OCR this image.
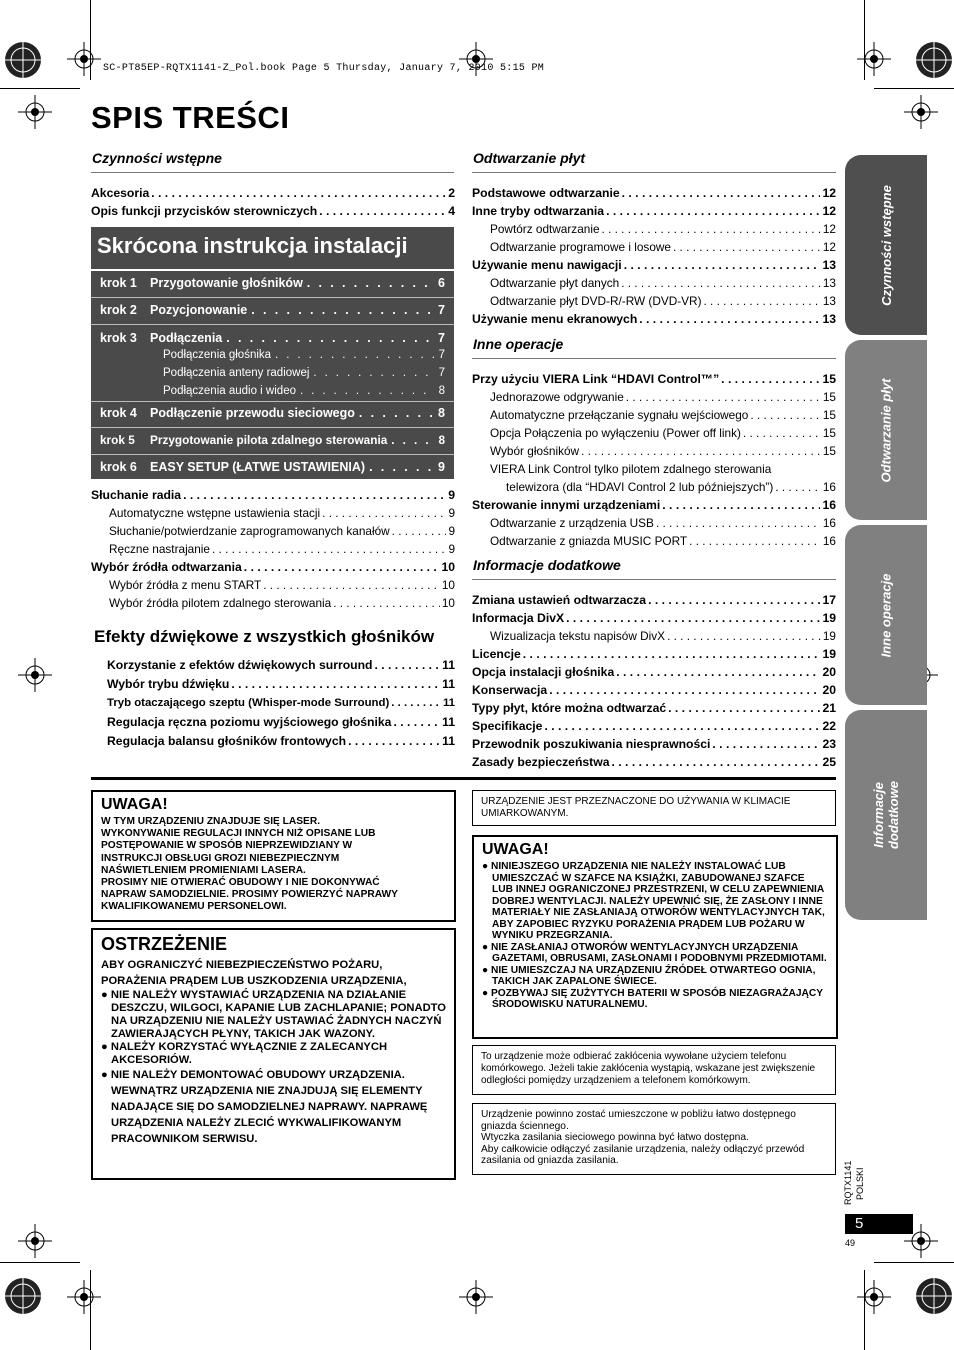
SC-PT85EP-RQTX1141-Z_Pol.book Page 5 Thursday, January 7, 2010 5:15 PM
SPIS TREŚCI
Czynności wstępne
Akcesoria . . .	2
Opis funkcji przycisków sterowniczych . . .	4
Skrócona instrukcja instalacji
krok 1	Przygotowanie głośników . . .	6
krok 2	Pozycjonowanie . . .	7
krok 3	Podłączenia . . .	7
Podłączenia głośnika . . .	7
Podłączenia anteny radiowej . . .	7
Podłączenia audio i wideo . . .	8
krok 4	Podłączenie przewodu sieciowego . . .	8
krok 5	Przygotowanie pilota zdalnego sterowania . . .	8
krok 6	EASY SETUP (ŁATWE USTAWIENIA) . . .	9
Słuchanie radia . . .	9
Automatyczne wstępne ustawienia stacji . . .	9
Słuchanie/potwierdzanie zaprogramowanych kanałów . . .	9
Ręczne nastrajanie . . .	9
Wybór źródła odtwarzania . . .	10
Wybór źródła z menu START . . .	10
Wybór źródła pilotem zdalnego sterowania . . .	10
Efekty dźwiękowe z wszystkich głośników
Korzystanie z efektów dźwiękowych surround . . .	11
Wybór trybu dźwięku . . .	11
Tryb otaczającego szeptu (Whisper-mode Surround) . . .	11
Regulacja ręczna poziomu wyjściowego głośnika . . .	11
Regulacja balansu głośników frontowych . . .	11
Odtwarzanie płyt
Podstawowe odtwarzanie . . .	12
Inne tryby odtwarzania . . .	12
Powtórz odtwarzanie . . .	12
Odtwarzanie programowe i losowe . . .	12
Używanie menu nawigacji . . .	13
Odtwarzanie płyt danych . . .	13
Odtwarzanie płyt DVD-R/-RW (DVD-VR) . . .	13
Używanie menu ekranowych . . .	13
Inne operacje
Przy użyciu VIERA Link “HDAVI Control™” . . .	15
Jednorazowe odgrywanie . . .	15
Automatyczne przełączanie sygnału wejściowego . . .	15
Opcja Połączenia po wyłączeniu (Power off link) . . .	15
Wybór głośników . . .	15
VIERA Link Control tylko pilotem zdalnego sterowania
telewizora (dla “HDAVI Control 2 lub późniejszych”) . . .	16
Sterowanie innymi urządzeniami . . .	16
Odtwarzanie z urządzenia USB . . .	16
Odtwarzanie z gniazda MUSIC PORT . . .	16
Informacje dodatkowe
Zmiana ustawień odtwarzacza . . .	17
Informacja DivX . . .	19
Wizualizacja tekstu napisów DivX . . .	19
Licencje . . .	19
Opcja instalacji głośnika . . .	20
Konserwacja . . .	20
Typy płyt, które można odtwarzać . . .	21
Specifikacje . . .	22
Przewodnik poszukiwania niesprawności . . .	23
Zasady bezpieczeństwa . . .	25
Czynności wstępne
Odtwarzanie płyt
Inne operacje
Informacje dodatkowe
UWAGA!
W TYM URZĄDZENIU ZNAJDUJE SIĘ LASER.
WYKONYWANIE REGULACJI INNYCH NIŻ OPISANE LUB
POSTĘPOWANIE W SPOSÓB NIEPRZEWIDZIANY W
INSTRUKCJI OBSŁUGI GROZI NIEBEZPIECZNYM
NAŚWIETLENIEM PROMIENIAMI LASERA.
PROSIMY NIE OTWIERAĆ OBUDOWY I NIE DOKONYWAĆ
NAPRAW SAMODZIELNIE. PROSIMY POWIERZYĆ NAPRAWY
KWALIFIKOWANEMU PERSONELOWI.
OSTRZEŻENIE
ABY OGRANICZYĆ NIEBEZPIECZEŃSTWO POŻARU,
PORAŻENIA PRĄDEM LUB USZKODZENIA URZĄDZENIA,
● NIE NALEŻY WYSTAWIAĆ URZĄDZENIA NA DZIAŁANIE DESZCZU, WILGOCI, KAPANIE LUB ZACHLAPANIE; PONADTO NA URZĄDZENIU NIE NALEŻY USTAWIAĆ ŻADNYCH NACZYŃ ZAWIERAJĄCYCH PŁYNY, TAKICH JAK WAZONY.
● NALEŻY KORZYSTAĆ WYŁĄCZNIE Z ZALECANYCH AKCESORIÓW.
● NIE NALEŻY DEMONTOWAĆ OBUDOWY URZĄDZENIA. WEWNĄTRZ URZĄDZENIA NIE ZNAJDUJĄ SIĘ ELEMENTY NADAJĄCE SIĘ DO SAMODZIELNEJ NAPRAWY. NAPRAWĘ URZĄDZENIA NALEŻY ZLECIĆ WYKWALIFIKOWANYM PRACOWNIKOM SERWISU.
URZĄDZENIE JEST PRZEZNACZONE DO UŻYWANIA W KLIMACIE UMIARKOWANYM.
UWAGA!
● NINIEJSZEGO URZĄDZENIA NIE NALEŻY INSTALOWAĆ LUB UMIESZCZAĆ W SZAFCE NA KSIĄŻKI, ZABUDOWANEJ SZAFCE LUB INNEJ OGRANICZONEJ PRZESTRZENI, W CELU ZAPEWNIENIA DOBREJ WENTYLACJI. NALEŻY UPEWNIĆ SIĘ, ŻE ZASŁONY I INNE MATERIAŁY NIE ZASŁANIAJĄ OTWORÓW WENTYLACYJNYCH TAK, ABY ZAPOBIEC RYZYKU PORAŻENIA PRĄDEM LUB POŻARU W WYNIKU PRZEGRZANIA.
● NIE ZASŁANIAJ OTWORÓW WENTYLACYJNYCH URZĄDZENIA GAZETAMI, OBRUSAMI, ZASŁONAMI I PODOBNYMI PRZEDMIOTAMI.
● NIE UMIESZCZAJ NA URZĄDZENIU ŹRÓDEŁ OTWARTEGO OGNIA, TAKICH JAK ZAPALONE ŚWIECE.
● POZBYWAJ SIĘ ZUŻYTYCH BATERII W SPOSÓB NIEZAGRAŻAJĄCY ŚRODOWISKU NATURALNEMU.
To urządzenie może odbierać zakłócenia wywołane użyciem telefonu komórkowego. Jeżeli takie zakłócenia wystąpią, wskazane jest zwiększenie odległości pomiędzy urządzeniem a telefonem komórkowym.
Urządzenie powinno zostać umieszczone w pobliżu łatwo dostępnego gniazda ściennego.
Wtyczka zasilania sieciowego powinna być łatwo dostępna.
Aby całkowicie odłączyć zasilanie urządzenia, należy odłączyć przewód zasilania od gniazda zasilania.
RQTX1141 POLSKI
5
49
